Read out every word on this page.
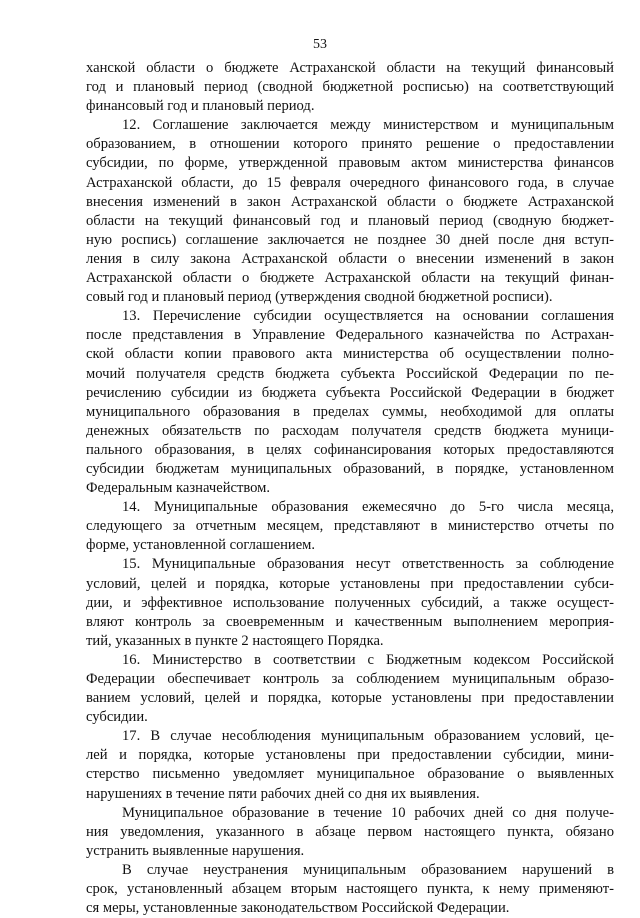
53
ханской области о бюджете Астраханской области на текущий финансовый
год и плановый период (сводной бюджетной росписью) на соответствующий
финансовый год и плановый период.
12. Соглашение заключается между министерством и муниципальным
образованием, в отношении которого принято решение о предоставлении
субсидии, по форме, утвержденной правовым актом министерства финансов
Астраханской области, до 15 февраля очередного финансового года, в случае
внесения изменений в закон Астраханской области о бюджете Астраханской
области на текущий финансовый год и плановый период (сводную бюджет-
ную роспись) соглашение заключается не позднее 30 дней после дня вступ-
ления в силу закона Астраханской области о внесении изменений в закон
Астраханской области о бюджете Астраханской области на текущий финан-
совый год и плановый период (утверждения сводной бюджетной росписи).
13. Перечисление субсидии осуществляется на основании соглашения
после представления в Управление Федерального казначейства по Астрахан-
ской области копии правового акта министерства об осуществлении полно-
мочий получателя средств бюджета субъекта Российской Федерации по пе-
речислению субсидии из бюджета субъекта Российской Федерации в бюджет
муниципального образования в пределах суммы, необходимой для оплаты
денежных обязательств по расходам получателя средств бюджета муници-
пального образования, в целях софинансирования которых предоставляются
субсидии бюджетам муниципальных образований, в порядке, установленном
Федеральным казначейством.
14. Муниципальные образования ежемесячно до 5-го числа месяца,
следующего за отчетным месяцем, представляют в министерство отчеты по
форме, установленной соглашением.
15. Муниципальные образования несут ответственность за соблюдение
условий, целей и порядка, которые установлены при предоставлении субси-
дии, и эффективное использование полученных субсидий, а также осущест-
вляют контроль за своевременным и качественным выполнением мероприя-
тий, указанных в пункте 2 настоящего Порядка.
16. Министерство в соответствии с Бюджетным кодексом Российской
Федерации обеспечивает контроль за соблюдением муниципальным образо-
ванием условий, целей и порядка, которые установлены при предоставлении
субсидии.
17. В случае несоблюдения муниципальным образованием условий, це-
лей и порядка, которые установлены при предоставлении субсидии, мини-
стерство письменно уведомляет муниципальное образование о выявленных
нарушениях в течение пяти рабочих дней со дня их выявления.
Муниципальное образование в течение 10 рабочих дней со дня получе-
ния уведомления, указанного в абзаце первом настоящего пункта, обязано
устранить выявленные нарушения.
В случае неустранения муниципальным образованием нарушений в
срок, установленный абзацем вторым настоящего пункта, к нему применяют-
ся меры, установленные законодательством Российской Федерации.
